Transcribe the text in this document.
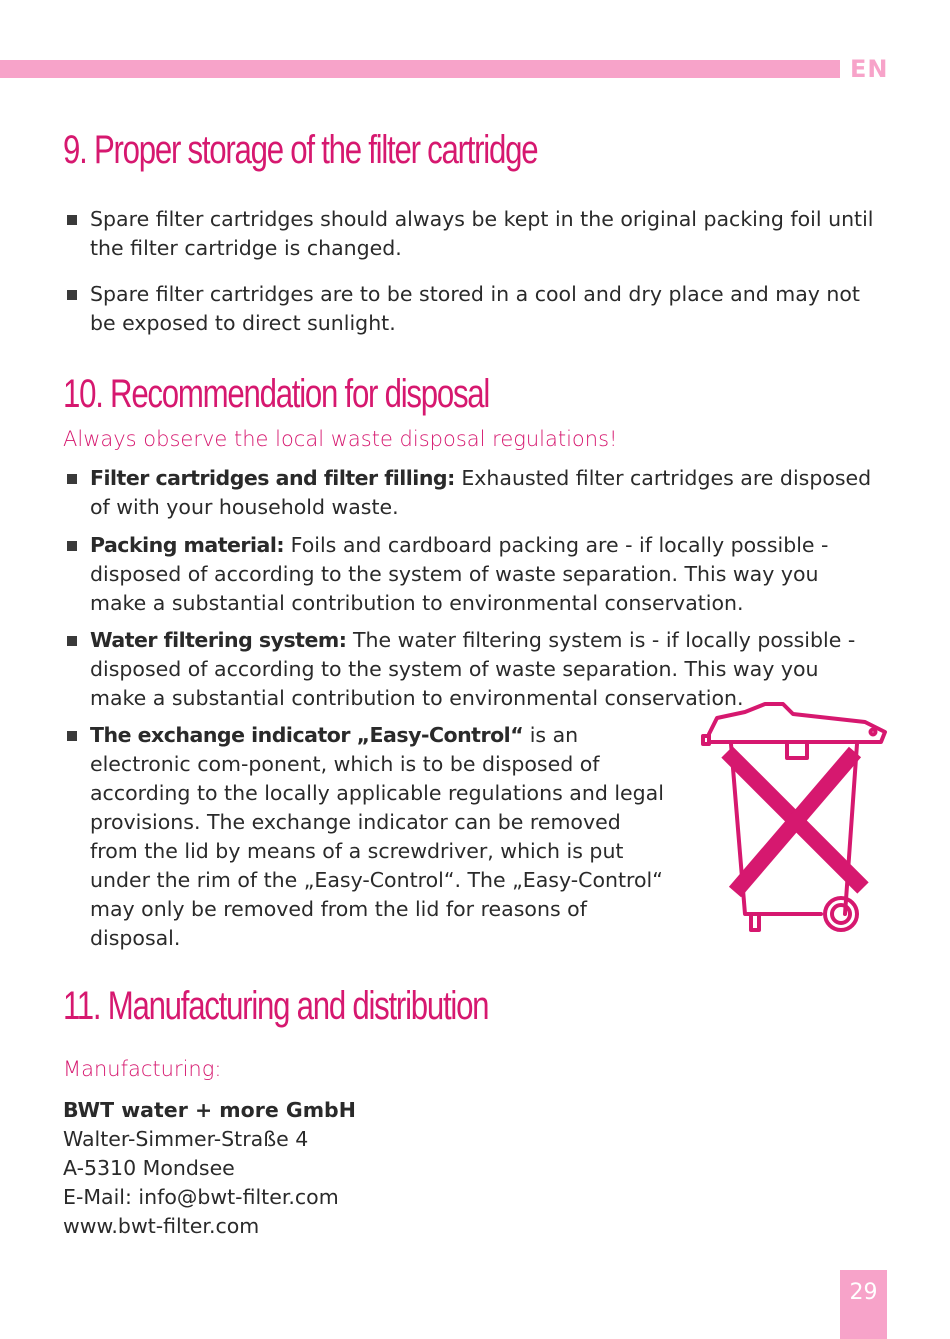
EN
9. Proper storage of the filter cartridge
Spare filter cartridges should always be kept in the original packing foil until the filter cartridge is changed.
Spare filter cartridges are to be stored in a cool and dry place and may not be exposed to direct sunlight.
10. Recommendation for disposal
Always observe the local waste disposal regulations!
Filter cartridges and filter filling: Exhausted filter cartridges are disposed of with your household waste.
Packing material: Foils and cardboard packing are - if locally possible - disposed of according to the system of waste separation. This way you make a substantial contribution to environmental conservation.
Water filtering system: The water filtering system is - if locally possible - disposed of according to the system of waste separation. This way you make a substantial contribution to environmental conservation.
The exchange indicator „Easy-Control“ is an electronic com-ponent, which is to be disposed of according to the locally applicable regulations and legal provisions. The exchange indicator can be removed from the lid by means of a screwdriver, which is put under the rim of the „Easy-Control“. The „Easy-Control“ may only be removed from the lid for reasons of disposal.
11. Manufacturing and distribution
Manufacturing:
BWT water + more GmbH
Walter-Simmer-Straße 4
A-5310 Mondsee
E-Mail: info@bwt-filter.com
www.bwt-filter.com
29
